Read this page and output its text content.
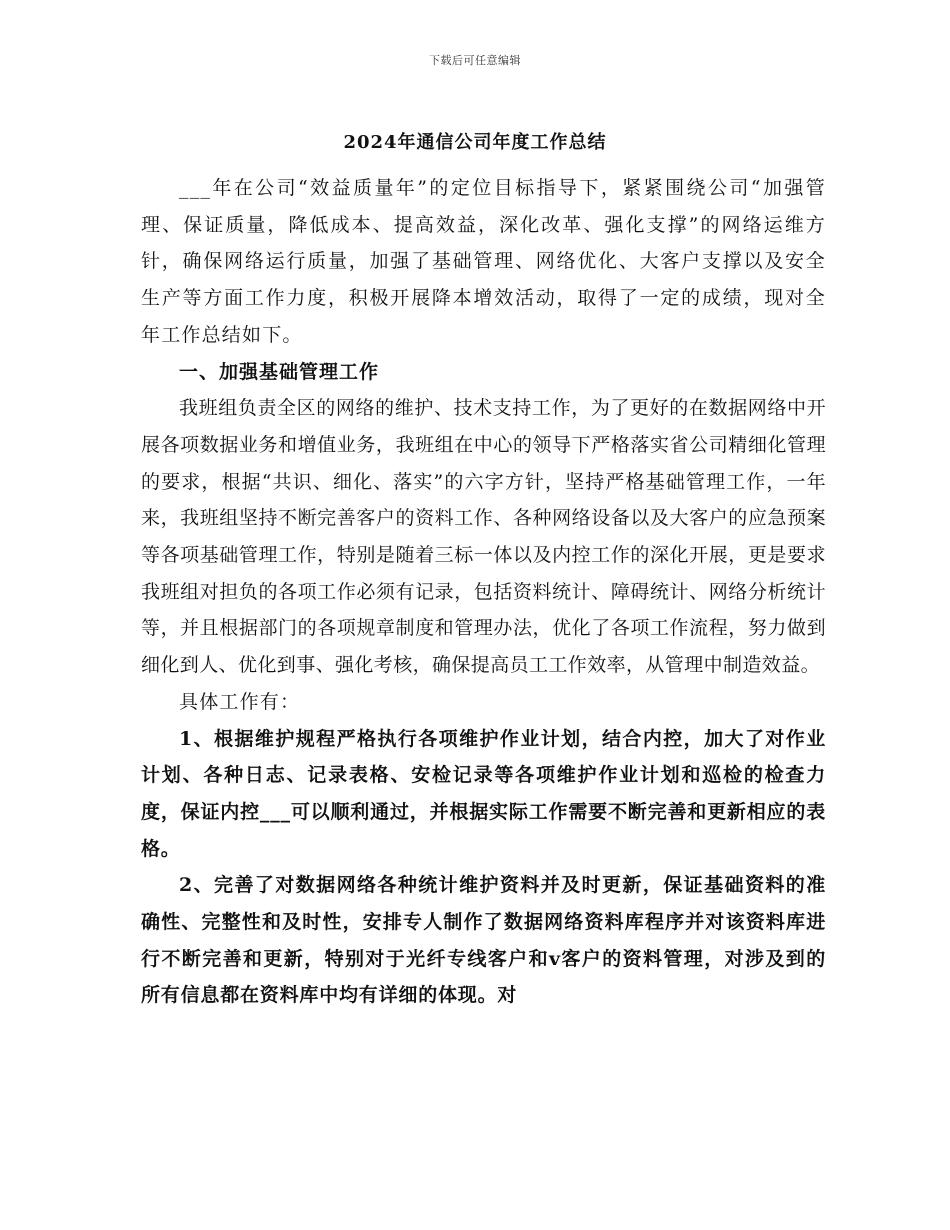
下载后可任意编辑
2024年通信公司年度工作总结

___年在公司“效益质量年”的定位目标指导下，紧紧围绕公司“加强管理、保证质量，降低成本、提高效益，深化改革、强化支撑”的网络运维方针，确保网络运行质量，加强了基础管理、网络优化、大客户支撑以及安全生产等方面工作力度，积极开展降本增效活动，取得了一定的成绩，现对全年工作总结如下。

一、加强基础管理工作

我班组负责全区的网络的维护、技术支持工作，为了更好的在数据网络中开展各项数据业务和增值业务，我班组在中心的领导下严格落实省公司精细化管理的要求，根据“共识、细化、落实”的六字方针，坚持严格基础管理工作，一年来，我班组坚持不断完善客户的资料工作、各种网络设备以及大客户的应急预案等各项基础管理工作，特别是随着三标一体以及内控工作的深化开展，更是要求我班组对担负的各项工作必须有记录，包括资料统计、障碍统计、网络分析统计等，并且根据部门的各项规章制度和管理办法，优化了各项工作流程，努力做到细化到人、优化到事、强化考核，确保提高员工工作效率，从管理中制造效益。

具体工作有：

1、根据维护规程严格执行各项维护作业计划，结合内控，加大了对作业计划、各种日志、记录表格、安检记录等各项维护作业计划和巡检的检查力度，保证内控___可以顺利通过，并根据实际工作需要不断完善和更新相应的表格。

2、完善了对数据网络各种统计维护资料并及时更新，保证基础资料的准确性、完整性和及时性，安排专人制作了数据网络资料库程序并对该资料库进行不断完善和更新，特别对于光纤专线客户和v客户的资料管理，对涉及到的所有信息都在资料库中均有详细的体现。对
